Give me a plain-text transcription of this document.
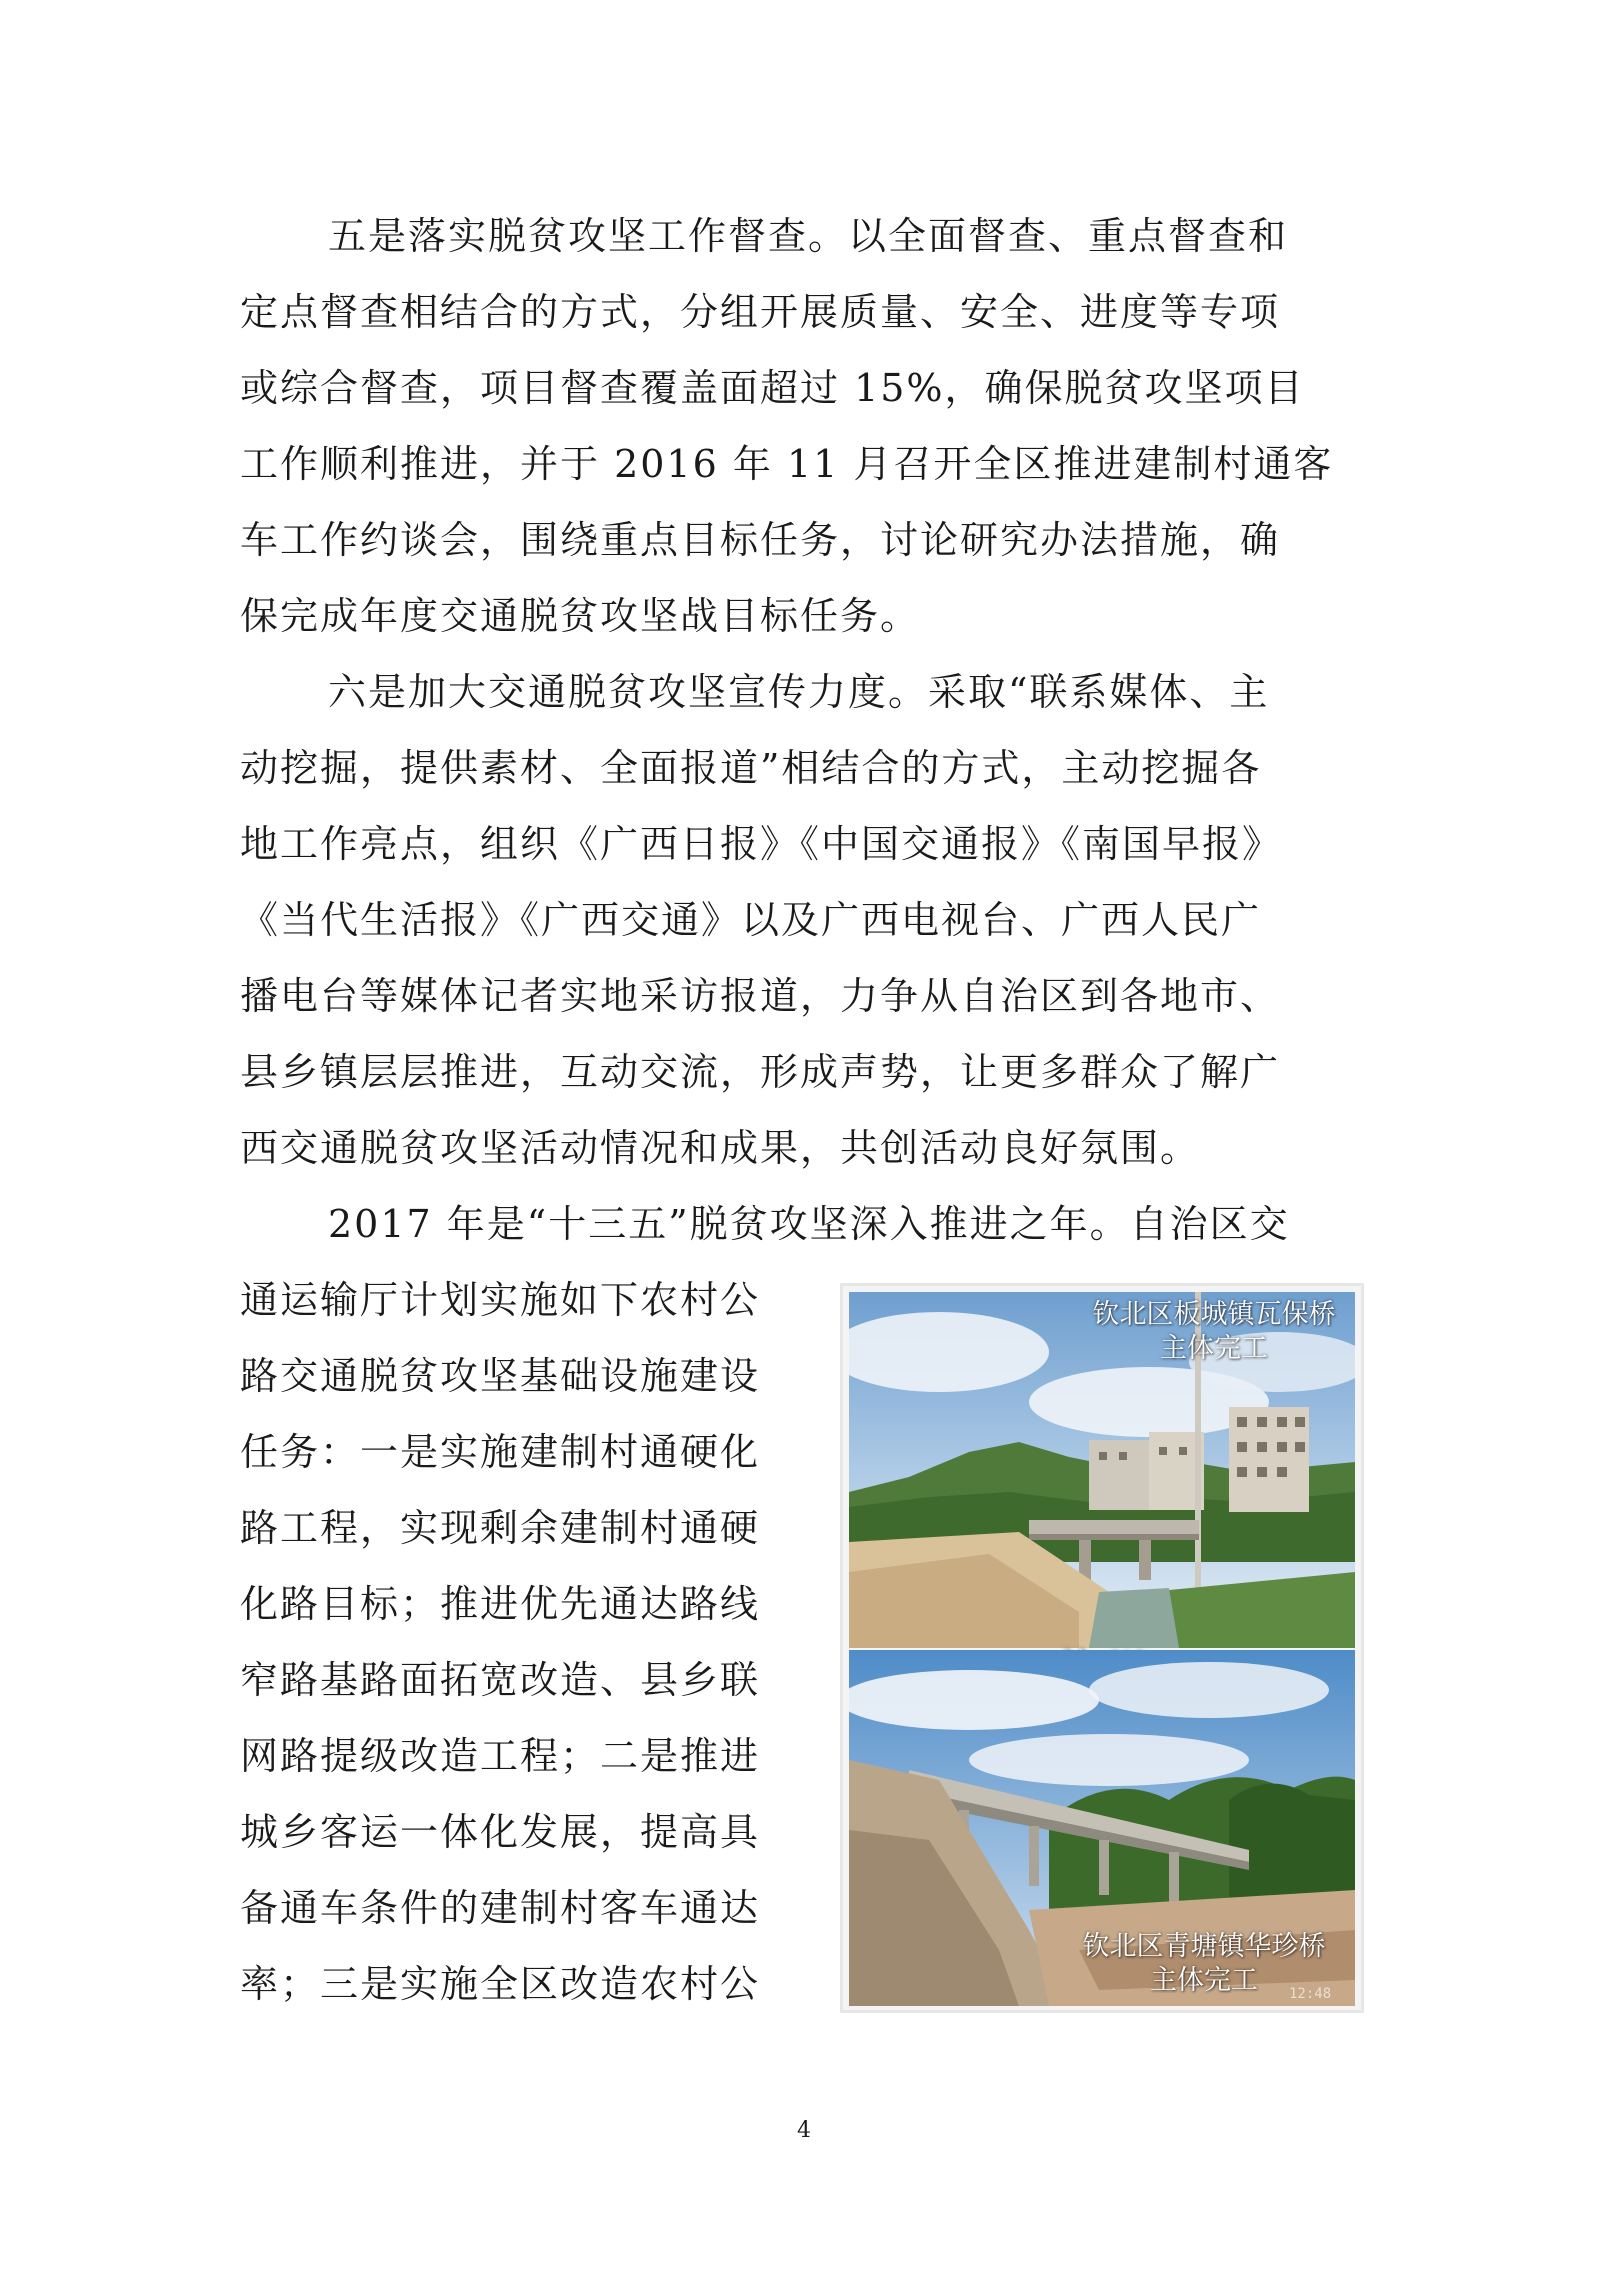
五是落实脱贫攻坚工作督查。以全面督查、重点督查和
定点督查相结合的方式，分组开展质量、安全、进度等专项
或综合督查，项目督查覆盖面超过 15%，确保脱贫攻坚项目
工作顺利推进，并于 2016 年 11 月召开全区推进建制村通客
车工作约谈会，围绕重点目标任务，讨论研究办法措施，确
保完成年度交通脱贫攻坚战目标任务。
六是加大交通脱贫攻坚宣传力度。采取“联系媒体、主
动挖掘，提供素材、全面报道”相结合的方式，主动挖掘各
地工作亮点，组织《广西日报》《中国交通报》《南国早报》
《当代生活报》《广西交通》以及广西电视台、广西人民广
播电台等媒体记者实地采访报道，力争从自治区到各地市、
县乡镇层层推进，互动交流，形成声势，让更多群众了解广
西交通脱贫攻坚活动情况和成果，共创活动良好氛围。
2017 年是“十三五”脱贫攻坚深入推进之年。自治区交
通运输厅计划实施如下农村公
路交通脱贫攻坚基础设施建设
任务：一是实施建制村通硬化
路工程，实现剩余建制村通硬
化路目标；推进优先通达路线
窄路基路面拓宽改造、县乡联
网路提级改造工程；二是推进
城乡客运一体化发展，提高具
备通车条件的建制村客车通达
率；三是实施全区改造农村公
钦北区板城镇瓦保桥
主体完工
钦北区青塘镇华珍桥
主体完工	12:48
4
